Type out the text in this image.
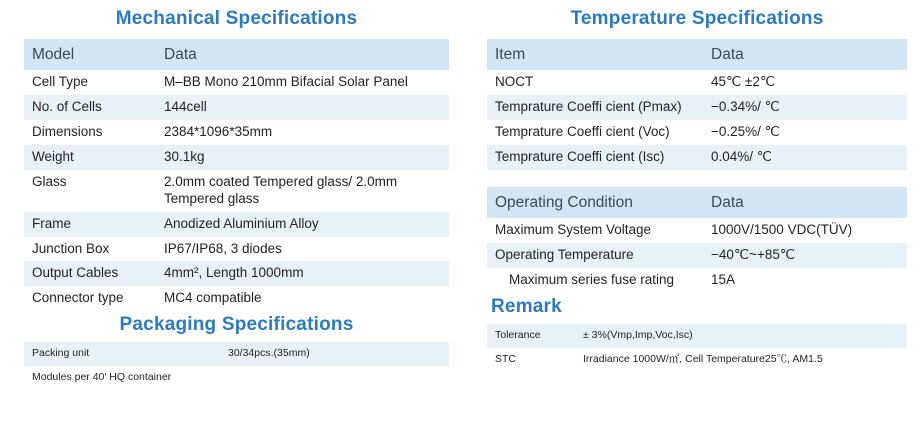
Mechanical Specifications
Model	Data
Cell Type	M–BB Mono 210mm Bifacial Solar Panel
No. of Cells	144cell
Dimensions	2384*1096*35mm
Weight	30.1kg
Glass	2.0mm coated Tempered glass/ 2.0mm Tempered glass
Frame	Anodized Aluminium Alloy
Junction Box	IP67/IP68, 3 diodes
Output Cables	4mm², Length 1000mm
Connector type	MC4 compatible
Packaging Specifications
Packing unit	30/34pcs.(35mm)
Modules per 40' HQ container	
Temperature Specifications
Item	Data
NOCT	45℃ ±2℃
Temprature Coeffi cient (Pmax)	−0.34%/ ℃
Temprature Coeffi cient (Voc)	−0.25%/ ℃
Temprature Coeffi cient (Isc)	0.04%/ ℃
Operating Condition	Data
Maximum System Voltage	1000V/1500 VDC(TÜV)
Operating Temperature	−40℃~+85℃
Maximum series fuse rating	15A
Remark
Tolerance	± 3%(Vmp,Imp,Voc,Isc)
STC	Irradiance 1000W/㎡, Cell Temperature25℃, AM1.5
